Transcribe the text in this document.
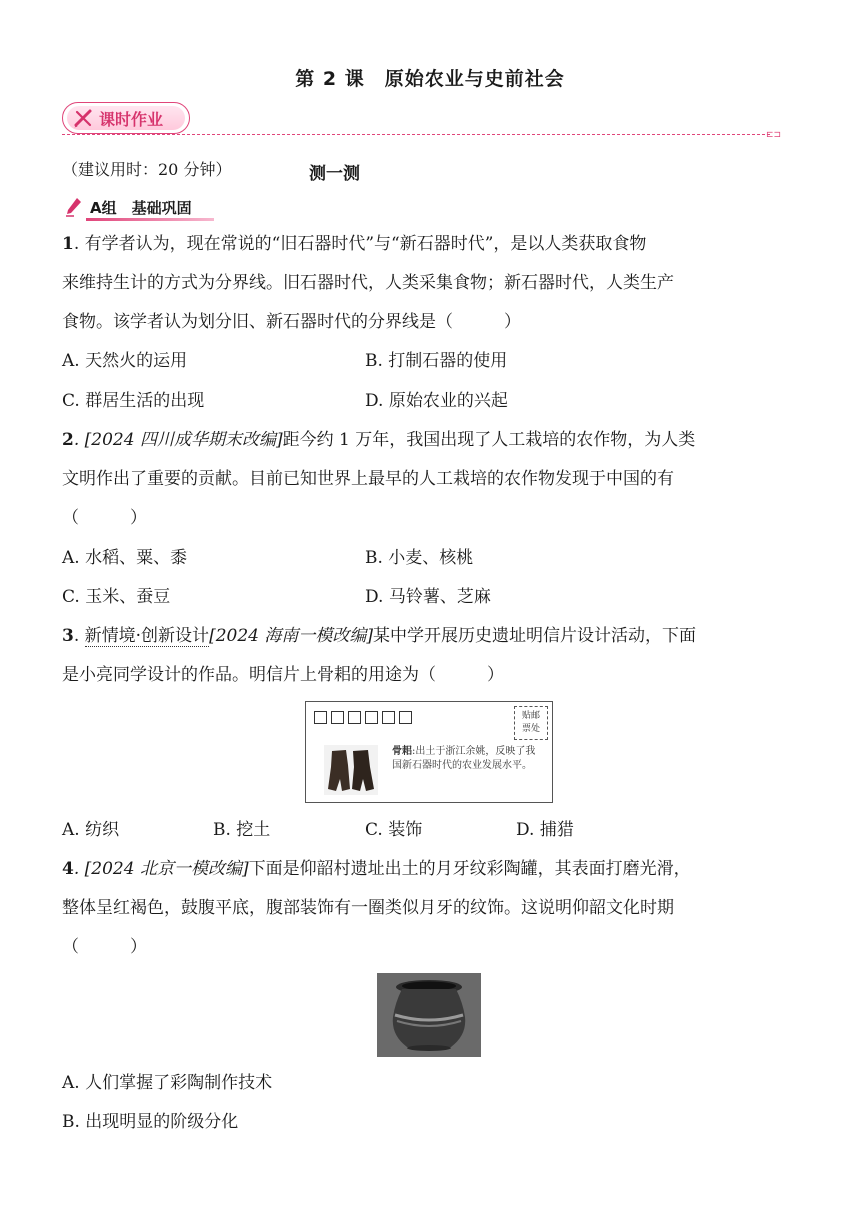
第 2 课　原始农业与史前社会
课时作业
⊏⊐
（建议用时：20 分钟）	测一测
A组　基础巩固
1. 有学者认为，现在常说的“旧石器时代”与“新石器时代”，是以人类获取食物
来维持生计的方式为分界线。旧石器时代，人类采集食物；新石器时代，人类生产
食物。该学者认为划分旧、新石器时代的分界线是（　　　）
A. 天然火的运用	B. 打制石器的使用
C. 群居生活的出现	D. 原始农业的兴起
2. [2024 四川成华期末改编]距今约 1 万年，我国出现了人工栽培的农作物，为人类
文明作出了重要的贡献。目前已知世界上最早的人工栽培的农作物发现于中国的有
（　　　）
A. 水稻、粟、黍	B. 小麦、核桃
C. 玉米、蚕豆	D. 马铃薯、芝麻
3. 新情境·创新设计[2024 海南一模改编]某中学开展历史遗址明信片设计活动，下面
是小亮同学设计的作品。明信片上骨耜的用途为（　　　）
贴邮
票处
骨耜:出土于浙江余姚，反映了我国新石器时代的农业发展水平。
A. 纺织	B. 挖土	C. 装饰	D. 捕猎
4. [2024 北京一模改编]下面是仰韶村遗址出土的月牙纹彩陶罐，其表面打磨光滑，
整体呈红褐色，鼓腹平底，腹部装饰有一圈类似月牙的纹饰。这说明仰韶文化时期
（　　　）
A. 人们掌握了彩陶制作技术
B. 出现明显的阶级分化
